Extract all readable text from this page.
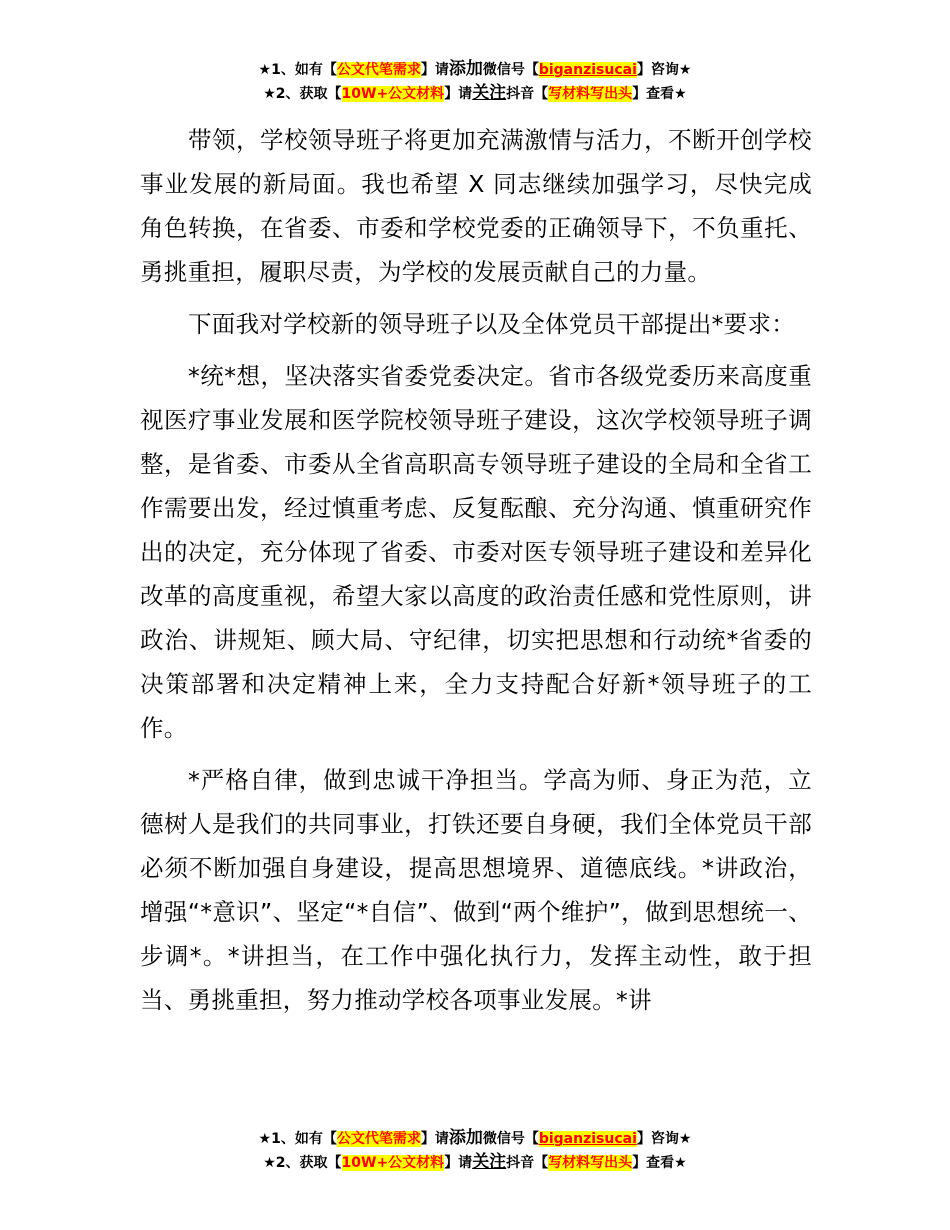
★1、如有【公文代笔需求】请添加微信号【biganzisucai】咨询★
★2、获取【10W+公文材料】请关注抖音【写材料写出头】查看★

带领，学校领导班子将更加充满激情与活力，不断开创学校事业发展的新局面。我也希望 X 同志继续加强学习，尽快完成角色转换，在省委、市委和学校党委的正确领导下，不负重托、勇挑重担，履职尽责，为学校的发展贡献自己的力量。

下面我对学校新的领导班子以及全体党员干部提出*要求：

*统*想，坚决落实省委党委决定。省市各级党委历来高度重视医疗事业发展和医学院校领导班子建设，这次学校领导班子调整，是省委、市委从全省高职高专领导班子建设的全局和全省工作需要出发，经过慎重考虑、反复酝酿、充分沟通、慎重研究作出的决定，充分体现了省委、市委对医专领导班子建设和差异化改革的高度重视，希望大家以高度的政治责任感和党性原则，讲政治、讲规矩、顾大局、守纪律，切实把思想和行动统*省委的决策部署和决定精神上来，全力支持配合好新*领导班子的工作。

*严格自律，做到忠诚干净担当。学高为师、身正为范，立德树人是我们的共同事业，打铁还要自身硬，我们全体党员干部必须不断加强自身建设，提高思想境界、道德底线。*讲政治，增强“*意识”、坚定“*自信”、做到“两个维护”，做到思想统一、步调*。*讲担当，在工作中强化执行力，发挥主动性，敢于担当、勇挑重担，努力推动学校各项事业发展。*讲

★1、如有【公文代笔需求】请添加微信号【biganzisucai】咨询★
★2、获取【10W+公文材料】请关注抖音【写材料写出头】查看★
